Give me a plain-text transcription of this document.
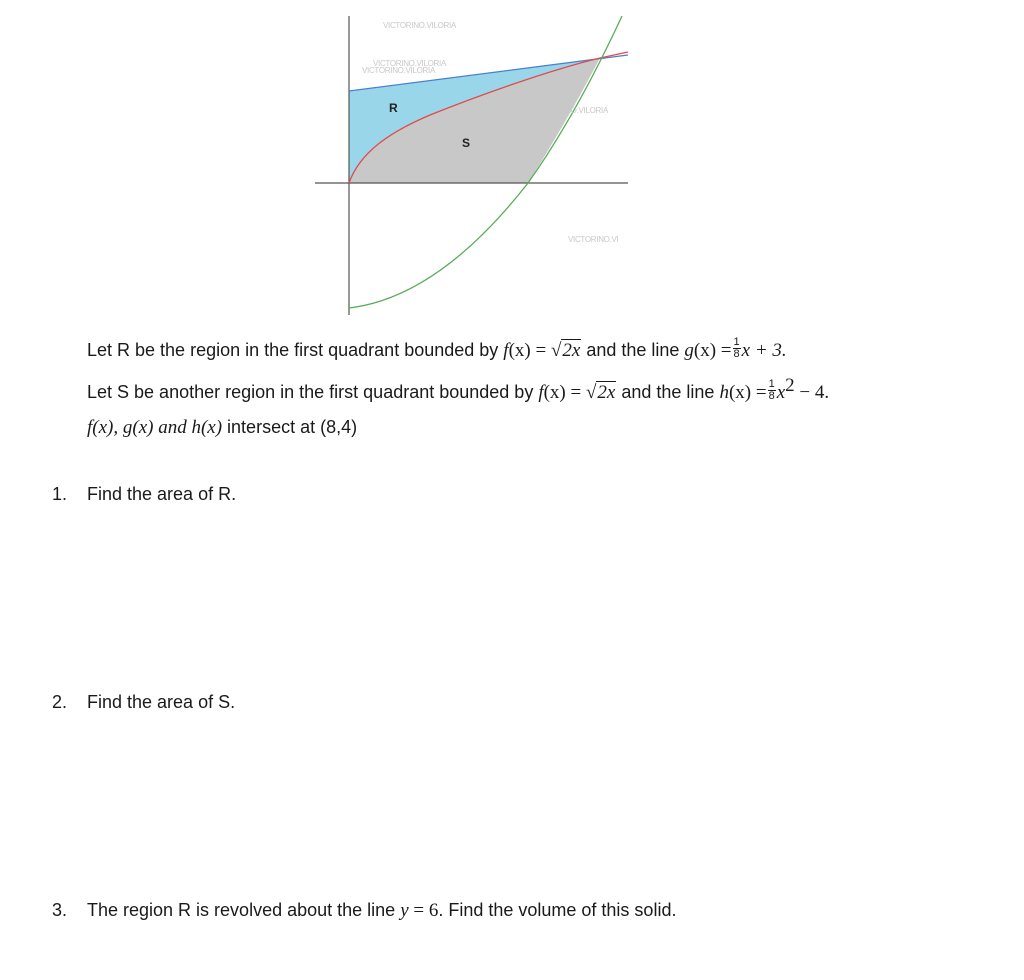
VICTORINO.VILORIA
VICTORINO.VILORIA
VICTORINO.VILORIA
VICTORINO.VILORIA
VICTORINO.VI
R
S
Let R be the region in the first quadrant bounded by f(x) = √2x and the line $g(x) = \frac{1}{8}$ x + 3.
Let S be another region in the first quadrant bounded by f(x) = √2x and the line $h(x) = \frac{1}{8} x^2 - 4$.
f(x), g(x) and h(x) intersect at (8,4)
1. Find the area of R.
2. Find the area of S.
3. The region R is revolved about the line y = 6. Find the volume of this solid.
